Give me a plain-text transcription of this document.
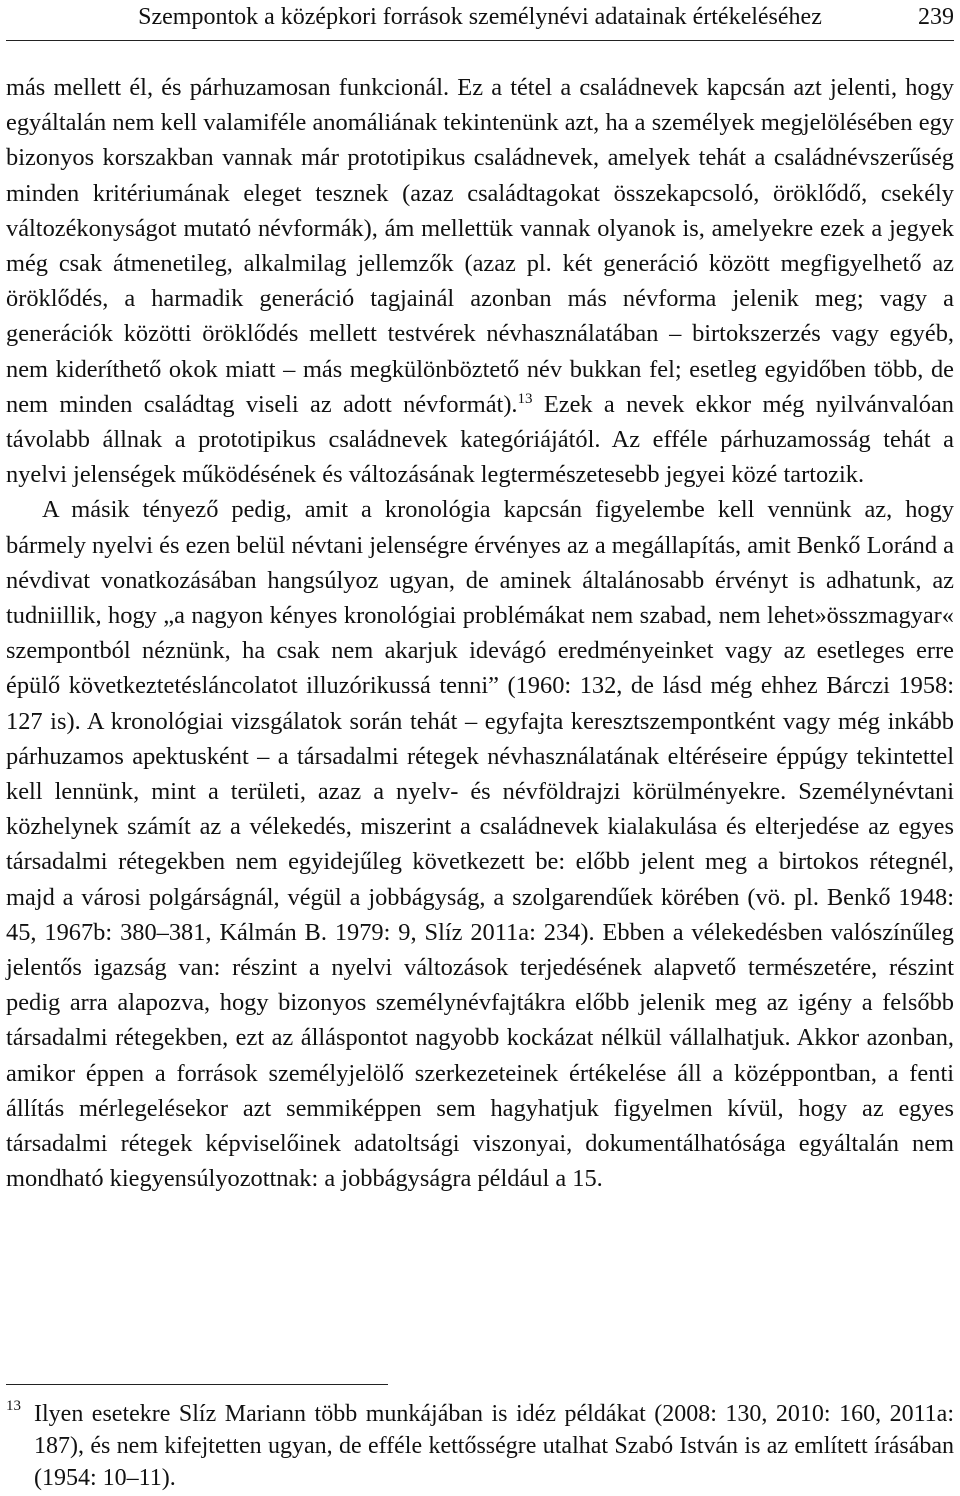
Szempontok a középkori források személynévi adatainak értékeléséhez	239

más mellett él, és párhuzamosan funkcionál. Ez a tétel a családnevek kapcsán azt jelenti, hogy egyáltalán nem kell valamiféle anomáliának tekintenünk azt, ha a személyek megjelölésében egy bizonyos korszakban vannak már prototipikus családnevek, amelyek tehát a családnévszerűség minden kritériumának eleget tesznek (azaz családtagokat összekapcsoló, öröklődő, csekély változékonyságot mutató névformák), ám mellettük vannak olyanok is, amelyekre ezek a jegyek még csak átmenetileg, alkalmilag jellemzők (azaz pl. két generáció között megfigyelhető az öröklődés, a harmadik generáció tagjainál azonban más névforma jelenik meg; vagy a generációk közötti öröklődés mellett testvérek névhasználatában – birtokszerzés vagy egyéb, nem kideríthető okok miatt – más megkülönböztető név bukkan fel; esetleg egyidőben több, de nem minden családtag viseli az adott névformát).$^{13}$ Ezek a nevek ekkor még nyilvánvalóan távolabb állnak a prototipikus családnevek kategóriájától. Az efféle párhuzamosság tehát a nyelvi jelenségek működésének és változásának legtermészetesebb jegyei közé tartozik.

A másik tényező pedig, amit a kronológia kapcsán figyelembe kell vennünk az, hogy bármely nyelvi és ezen belül névtani jelenségre érvényes az a megállapítás, amit Benkő Loránd a névdivat vonatkozásában hangsúlyoz ugyan, de aminek általánosabb érvényt is adhatunk, az tudniillik, hogy „a nagyon kényes kronológiai problémákat nem szabad, nem lehet»összmagyar« szempontból néznünk, ha csak nem akarjuk idevágó eredményeinket vagy az esetleges erre épülő következtetésláncolatot illuzórikussá tenni” (1960: 132, de lásd még ehhez Bárczi 1958: 127 is). A kronológiai vizsgálatok során tehát – egyfajta keresztszempontként vagy még inkább párhuzamos apektusként – a társadalmi rétegek névhasználatának eltéréseire éppúgy tekintettel kell lennünk, mint a területi, azaz a nyelv- és névföldrajzi körülményekre. Személynévtani közhelynek számít az a vélekedés, miszerint a családnevek kialakulása és elterjedése az egyes társadalmi rétegekben nem egyidejűleg következett be: előbb jelent meg a birtokos rétegnél, majd a városi polgárságnál, végül a jobbágyság, a szolgarendűek körében (vö. pl. Benkő 1948: 45, 1967b: 380–381, Kálmán B. 1979: 9, Slíz 2011a: 234). Ebben a vélekedésben valószínűleg jelentős igazság van: részint a nyelvi változások terjedésének alapvető természetére, részint pedig arra alapozva, hogy bizonyos személynévfajtákra előbb jelenik meg az igény a felsőbb társadalmi rétegekben, ezt az álláspontot nagyobb kockázat nélkül vállalhatjuk. Akkor azonban, amikor éppen a források személyjelölő szerkezeteinek értékelése áll a középpontban, a fenti állítás mérlegelésekor azt semmiképpen sem hagyhatjuk figyelmen kívül, hogy az egyes társadalmi rétegek képviselőinek adatoltsági viszonyai, dokumentálhatósága egyáltalán nem mondható kiegyensúlyozottnak: a jobbágyságra például a 15.

13 Ilyen esetekre Slíz Mariann több munkájában is idéz példákat (2008: 130, 2010: 160, 2011a: 187), és nem kifejtetten ugyan, de efféle kettősségre utalhat Szabó István is az említett írásában (1954: 10–11).
